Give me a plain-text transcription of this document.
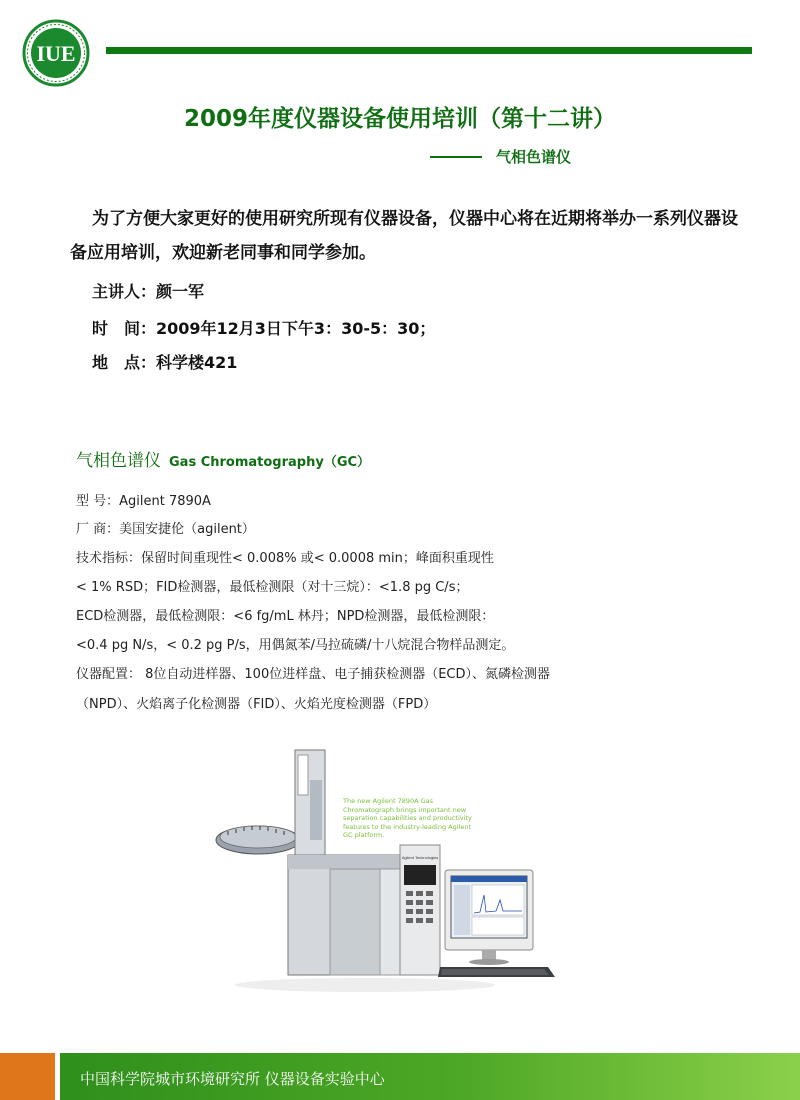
IUE
2009年度仪器设备使用培训（第十二讲）
气相色谱仪
为了方便大家更好的使用研究所现有仪器设备，仪器中心将在近期将举办一系列仪器设备应用培训，欢迎新老同事和同学参加。
主讲人：颜一军
时　间：2009年12月3日下午3：30-5：30；
地　点：科学楼421
气相色谱仪 Gas Chromatography（GC）
型 号：Agilent 7890A
厂 商：美国安捷伦（agilent）
技术指标：保留时间重现性< 0.008% 或< 0.0008 min；峰面积重现性
< 1% RSD；FID检测器，最低检测限（对十三烷）：<1.8 pg C/s；
ECD检测器，最低检测限：<6 fg/mL 林丹；NPD检测器，最低检测限：
<0.4 pg N/s，< 0.2 pg P/s，用偶氮苯/马拉硫磷/十八烷混合物样品测定。
仪器配置： 8位自动进样器、100位进样盘、电子捕获检测器（ECD）、氮磷检测器
（NPD）、火焰离子化检测器（FID）、火焰光度检测器（FPD）
Agilent Technologies
The new Agilent 7890A Gas Chromatograph brings important new separation capabilities and productivity features to the industry-leading Agilent GC platform.
中国科学院城市环境研究所 仪器设备实验中心
